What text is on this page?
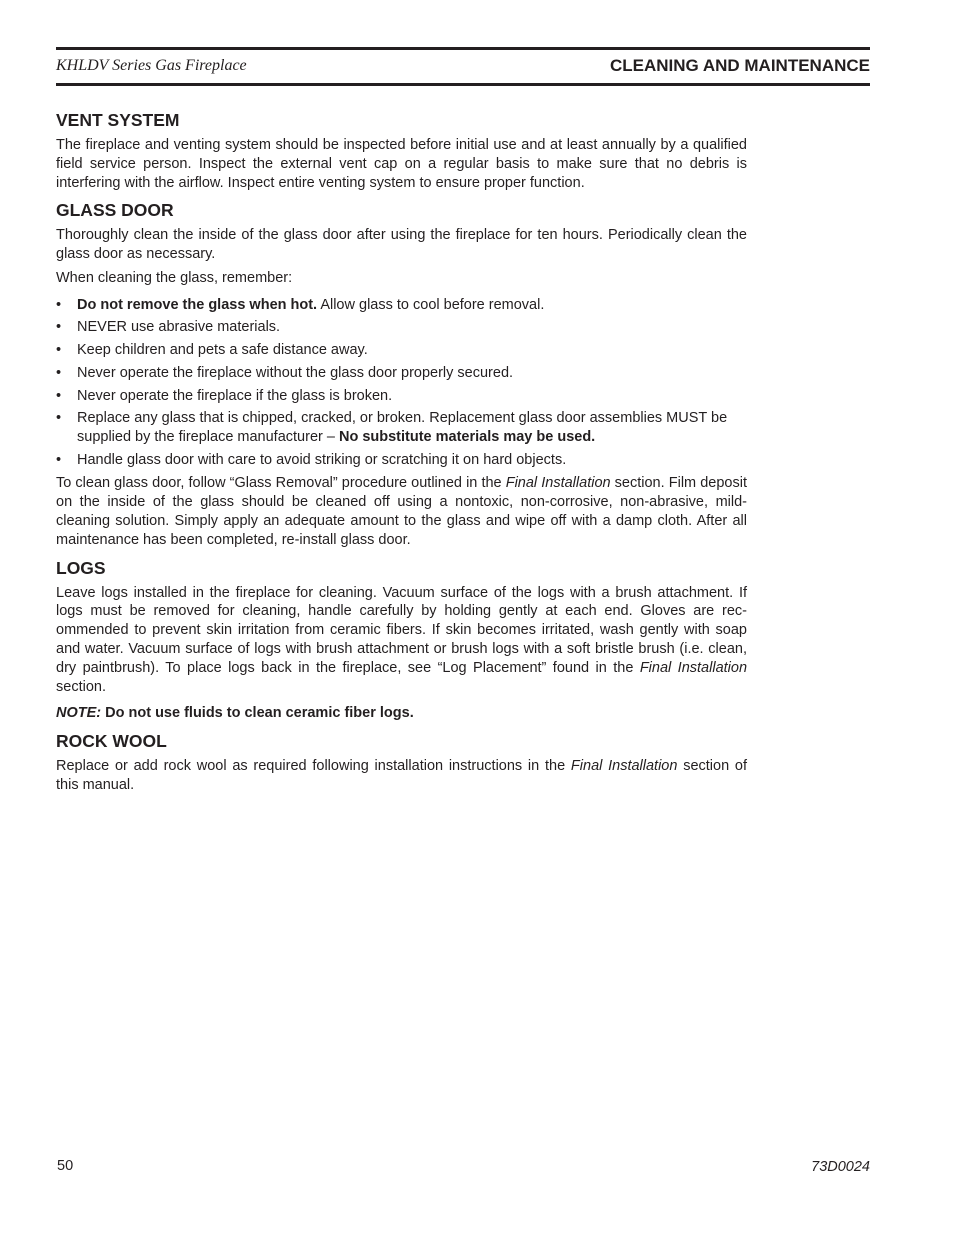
KHLDV Series Gas Fireplace	CLEANING AND MAINTENANCE
VENT SYSTEM

The fireplace and venting system should be inspected before initial use and at least annually by a qualified field service person. Inspect the external vent cap on a regular basis to make sure that no debris is interfering with the airflow. Inspect entire venting system to ensure proper function.

GLASS DOOR

Thoroughly clean the inside of the glass door after using the fireplace for ten hours. Periodically clean the glass door as necessary.

When cleaning the glass, remember:

• Do not remove the glass when hot. Allow glass to cool before removal.
• NEVER use abrasive materials.
• Keep children and pets a safe distance away.
• Never operate the fireplace without the glass door properly secured.
• Never operate the fireplace if the glass is broken.
• Replace any glass that is chipped, cracked, or broken. Replacement glass door assemblies MUST be supplied by the fireplace manufacturer – No substitute materials may be used.
• Handle glass door with care to avoid striking or scratching it on hard objects.

To clean glass door, follow “Glass Removal” procedure outlined in the Final Installation section. Film deposit on the inside of the glass should be cleaned off using a nontoxic, non-corrosive, non-abrasive, mild-cleaning solution. Simply apply an adequate amount to the glass and wipe off with a damp cloth. After all maintenance has been completed, re-install glass door.

LOGS

Leave logs installed in the fireplace for cleaning. Vacuum surface of the logs with a brush attachment. If logs must be removed for cleaning, handle carefully by holding gently at each end. Gloves are rec-ommended to prevent skin irritation from ceramic fibers. If skin becomes irritated, wash gently with soap and water. Vacuum surface of logs with brush attachment or brush logs with a soft bristle brush (i.e. clean, dry paintbrush). To place logs back in the fireplace, see “Log Placement” found in the Final Installation section.

NOTE: Do not use fluids to clean ceramic fiber logs.

ROCK WOOL

Replace or add rock wool as required following installation instructions in the Final Installation section of this manual.

50	73D0024
